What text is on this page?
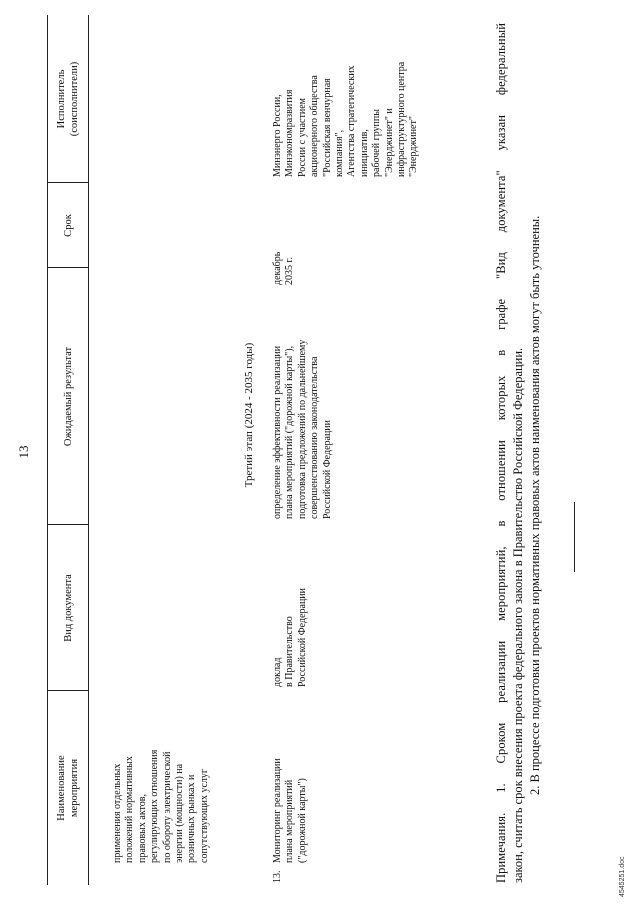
13
Наименование
мероприятия
Вид документа
Ожидаемый результат
Срок
Исполнитель
(соисполнители)
применения отдельных
положений нормативных
правовых актов,
регулирующих отношения
по обороту электрической
энергии (мощности) на
розничных рынках и
сопутствующих услуг
Третий этап (2024 - 2035 годы)
13.
Мониторинг реализации
плана мероприятий
("дорожной карты")
доклад
в Правительство
Российской Федерации
определение эффективности реализации
плана мероприятий ("дорожной карты"),
подготовка предложений по дальнейшему
совершенствованию законодательства
Российской Федерации
декабрь
2035 г.
Минэнерго России,
Минэкономразвития
России с участием
акционерного общества
"Российская венчурная
компания",
Агентства стратегических
инициатив,
рабочей группы
"Энерджинет" и
инфраструктурного центра
"Энерджинет"	Примечания. 1. Сроком реализации мероприятий, в отношении которых в графе "Вид документа" указан федеральный закон, считать срок внесения проекта федерального закона в Правительство Российской Федерации. 2. В процессе подготовки проектов нормативных правовых актов наименования актов могут быть уточнены.
4545251.doc
